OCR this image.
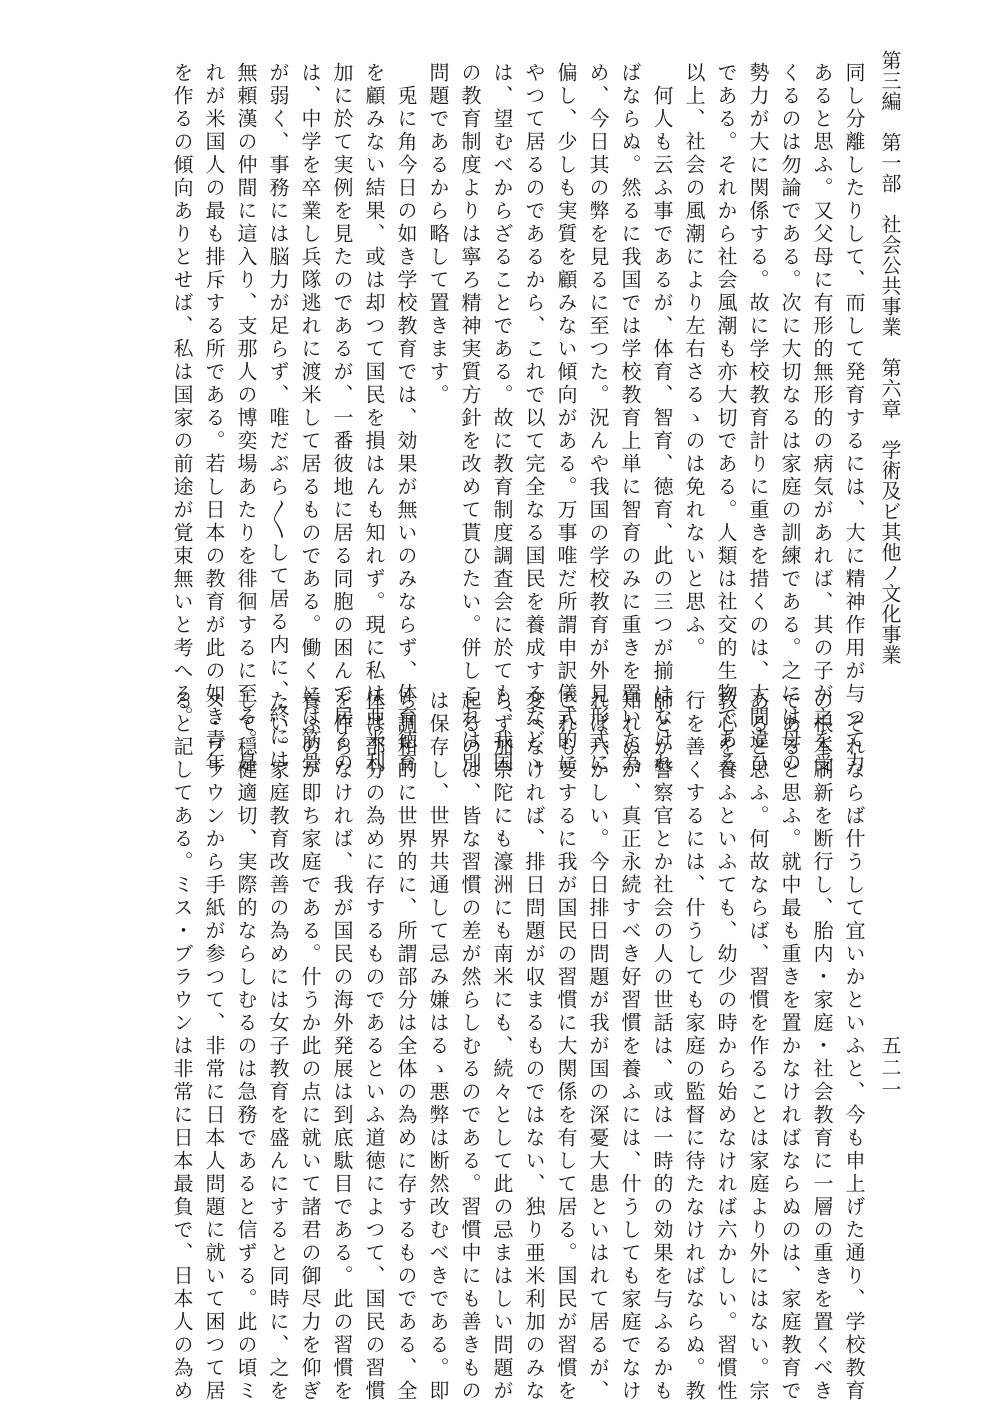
第三編　第一部　社会公共事業　第六章　学術及ビ其他ノ文化事業
五二一
同し分離したりして、而して発育するには、大に精神作用が与つて力
あると思ふ。又父母に有形的無形的の病気があれば、其の子が之を受
くるのは勿論である。次に大切なるは家庭の訓練である。之には母の
勢力が大に関係する。故に学校教育計りに重きを措くのは、大間違ひ
である。それから社会風潮も亦大切である。人類は社交的生物である
以上、社会の風潮により左右さるゝのは免れないと思ふ。
　何人も云ふ事であるが、体育、智育、徳育、此の三つが揃はなけれ
ばならぬ。然るに我国では学校教育上単に智育のみに重きを置いた為
め、今日其の弊を見るに至つた。況んや我国の学校教育が外見形式に
偏し、少しも実質を顧みない傾向がある。万事唯だ所謂申訳儀式的に
やつて居るのであるから、これで以て完全なる国民を養成するなどゝ
は、望むべからざることである。故に教育制度調査会に於ても、我国
の教育制度よりは寧ろ精神実質方針を改めて貰ひたい。併しこれは別
問題であるから略して置きます。
　兎に角今日の如き学校教育では、効果が無いのみならず、体育徳育
を顧みない結果、或は却つて国民を損はんも知れず。現に私は亜米利
加に於て実例を見たのであるが、一番彼地に居る同胞の困んで居るの
は、中学を卒業し兵隊逃れに渡米して居るものである。働くには筋骨
が弱く、事務には脳力が足らず、唯だぶら〳〵して居る内に、終には
無頼漢の仲間に這入り、支那人の博奕場あたりを徘徊するに至る。是
れが米国人の最も排斥する所である。若し日本の教育が此の如き青年
を作るの傾向ありとせば、私は国家の前途が覚束無いと考へる。
　それならば什うして宜いかといふと、今も申上げた通り、学校教育
の根本刷新を断行し、胎内・家庭・社会教育に一層の重きを置くべき
であると思ふ。就中最も重きを置かなければならぬのは、家庭教育で
あると思ふ。何故ならば、習慣を作ることは家庭より外にはない。宗
教心を養ふといふても、幼少の時から始めなければ六かしい。習慣性
行を善くするには、什うしても家庭の監督に待たなければならぬ。教
師とか警察官とか社会の人の世話は、或は一時的の効果を与ふるかも
知れぬが、真正永続すべき好習慣を養ふには、什うしても家庭でなけ
れば六かしい。今日排日問題が我が国の深憂大患といはれて居るが、
これも要するに我が国民の習慣に大関係を有して居る。国民が習慣を
変へなければ、排日問題が収まるものではない、独り亜米利加のみな
らず加奈陀にも濠洲にも南米にも、続々として此の忌まはしい問題が
起るのは、皆な習慣の差が然らしむるのである。習慣中にも善きもの
は保存し、世界共通して忌み嫌はるゝ悪弊は断然改むべきである。即
ち調和的に世界的に、所謂部分は全体の為めに存するものである、全
体は部分の為めに存するものであるといふ道徳によつて、国民の習慣
を作らなければ、我が国民の海外発展は到底駄目である。此の習慣を
養ふのが即ち家庭である。什うか此の点に就いて諸君の御尽力を仰ぎ
たい。家庭教育改善の為めには女子教育を盛んにすると同時に、之を
して穏健適切、実際的ならしむるのは急務であると信ずる。此の頃ミ
ス・ブラウンから手紙が参つて、非常に日本人問題に就いて困つて居
ると記してある。ミス・ブラウンは非常に日本最負で、日本人の為め
